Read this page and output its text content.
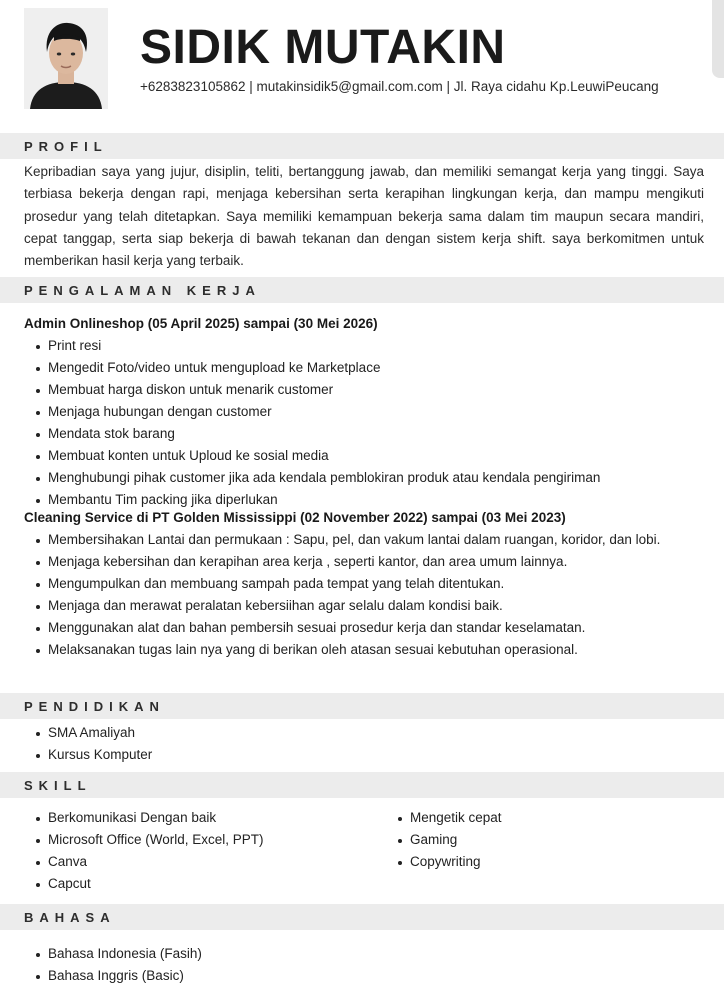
SIDIK MUTAKIN
+6283823105862 | mutakinsidik5@gmail.com.com | Jl. Raya cidahu Kp.LeuwiPeucang
PROFIL
Kepribadian saya yang jujur, disiplin, teliti, bertanggung jawab, dan memiliki semangat kerja yang tinggi. Saya terbiasa bekerja dengan rapi, menjaga kebersihan serta kerapihan lingkungan kerja, dan mampu mengikuti prosedur yang telah ditetapkan. Saya memiliki kemampuan bekerja sama dalam tim maupun secara mandiri, cepat tanggap, serta siap bekerja di bawah tekanan dan dengan sistem kerja shift. saya berkomitmen untuk memberikan hasil kerja yang terbaik.
PENGALAMAN KERJA
Admin Onlineshop (05 April 2025) sampai (30 Mei 2026)
Print resi
Mengedit Foto/video untuk mengupload ke Marketplace
Membuat harga diskon untuk menarik customer
Menjaga hubungan dengan customer
Mendata stok barang
Membuat konten untuk Uploud ke sosial media
Menghubungi pihak customer jika ada kendala pemblokiran produk atau kendala pengiriman
Membantu Tim packing jika diperlukan
Cleaning Service di PT Golden Mississippi (02 November 2022) sampai (03 Mei 2023)
Membersihakan Lantai dan permukaan : Sapu, pel, dan vakum lantai dalam ruangan, koridor, dan lobi.
Menjaga kebersihan dan kerapihan area kerja , seperti kantor, dan area umum lainnya.
Mengumpulkan dan membuang sampah pada tempat yang telah ditentukan.
Menjaga dan merawat peralatan kebersiihan agar selalu dalam kondisi baik.
Menggunakan alat dan bahan pembersih sesuai prosedur kerja dan standar keselamatan.
Melaksanakan tugas lain nya yang di berikan oleh atasan sesuai kebutuhan operasional.
PENDIDIKAN
SMA Amaliyah
Kursus Komputer
SKILL
Berkomunikasi Dengan baik
Microsoft Office (World, Excel, PPT)
Canva
Capcut
Mengetik cepat
Gaming
Copywriting
BAHASA
Bahasa Indonesia (Fasih)
Bahasa Inggris (Basic)
